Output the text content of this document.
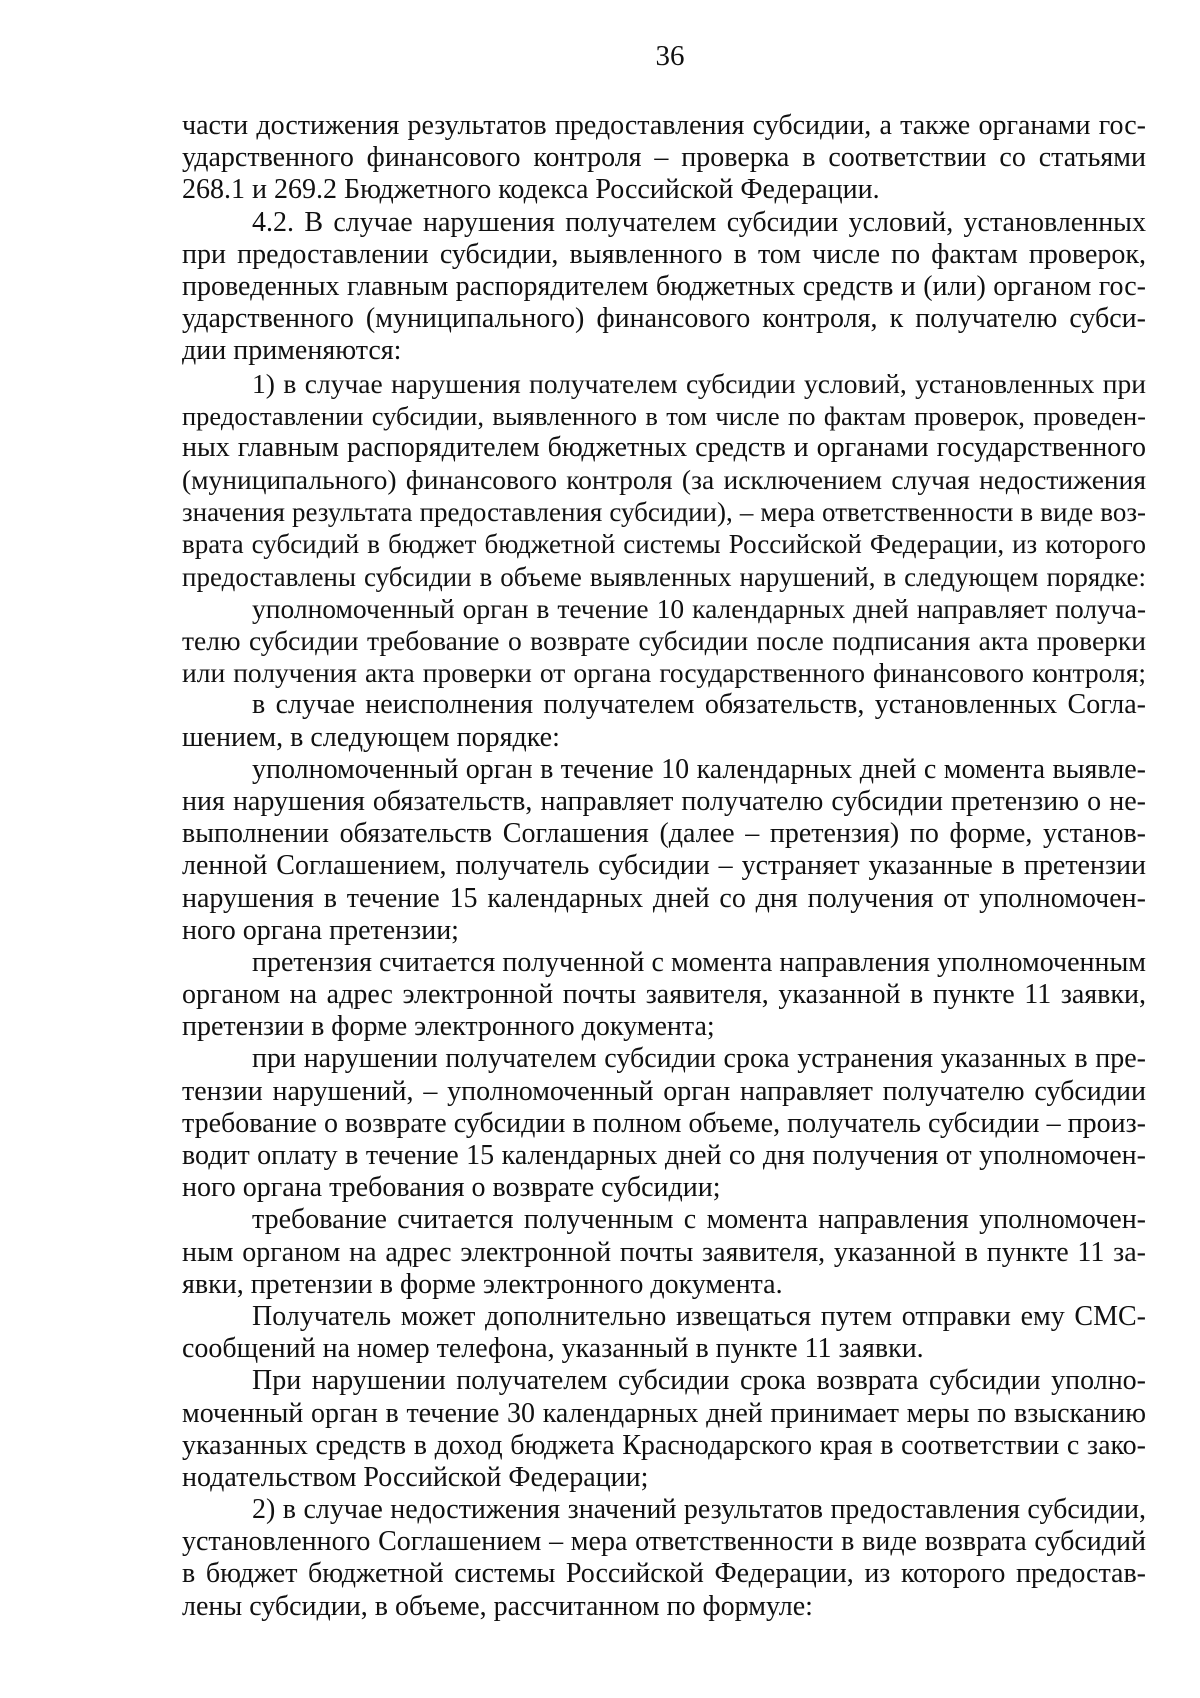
36
части достижения результатов предоставления субсидии, а также органами гос-
ударственного финансового контроля – проверка в соответствии со статьями
268.1 и 269.2 Бюджетного кодекса Российской Федерации.
4.2. В случае нарушения получателем субсидии условий, установленных
при предоставлении субсидии, выявленного в том числе по фактам проверок,
проведенных главным распорядителем бюджетных средств и (или) органом гос-
ударственного (муниципального) финансового контроля, к получателю субси-
дии применяются:
1) в случае нарушения получателем субсидии условий, установленных при
предоставлении субсидии, выявленного в том числе по фактам проверок, проведен-
ных главным распорядителем бюджетных средств и органами государственного
(муниципального) финансового контроля (за исключением случая недостижения
значения результата предоставления субсидии), – мера ответственности в виде воз-
врата субсидий в бюджет бюджетной системы Российской Федерации, из которого
предоставлены субсидии в объеме выявленных нарушений, в следующем порядке:
уполномоченный орган в течение 10 календарных дней направляет получа-
телю субсидии требование о возврате субсидии после подписания акта проверки
или получения акта проверки от органа государственного финансового контроля;
в случае неисполнения получателем обязательств, установленных Согла-
шением, в следующем порядке:
уполномоченный орган в течение 10 календарных дней с момента выявле-
ния нарушения обязательств, направляет получателю субсидии претензию о не-
выполнении обязательств Соглашения (далее – претензия) по форме, установ-
ленной Соглашением, получатель субсидии – устраняет указанные в претензии
нарушения в течение 15 календарных дней со дня получения от уполномочен-
ного органа претензии;
претензия считается полученной с момента направления уполномоченным
органом на адрес электронной почты заявителя, указанной в пункте 11 заявки,
претензии в форме электронного документа;
при нарушении получателем субсидии срока устранения указанных в пре-
тензии нарушений, – уполномоченный орган направляет получателю субсидии
требование о возврате субсидии в полном объеме, получатель субсидии – произ-
водит оплату в течение 15 календарных дней со дня получения от уполномочен-
ного органа требования о возврате субсидии;
требование считается полученным с момента направления уполномочен-
ным органом на адрес электронной почты заявителя, указанной в пункте 11 за-
явки, претензии в форме электронного документа.
Получатель может дополнительно извещаться путем отправки ему СМС-
сообщений на номер телефона, указанный в пункте 11 заявки.
При нарушении получателем субсидии срока возврата субсидии уполно-
моченный орган в течение 30 календарных дней принимает меры по взысканию
указанных средств в доход бюджета Краснодарского края в соответствии с зако-
нодательством Российской Федерации;
2) в случае недостижения значений результатов предоставления субсидии,
установленного Соглашением – мера ответственности в виде возврата субсидий
в бюджет бюджетной системы Российской Федерации, из которого предостав-
лены субсидии, в объеме, рассчитанном по формуле:
